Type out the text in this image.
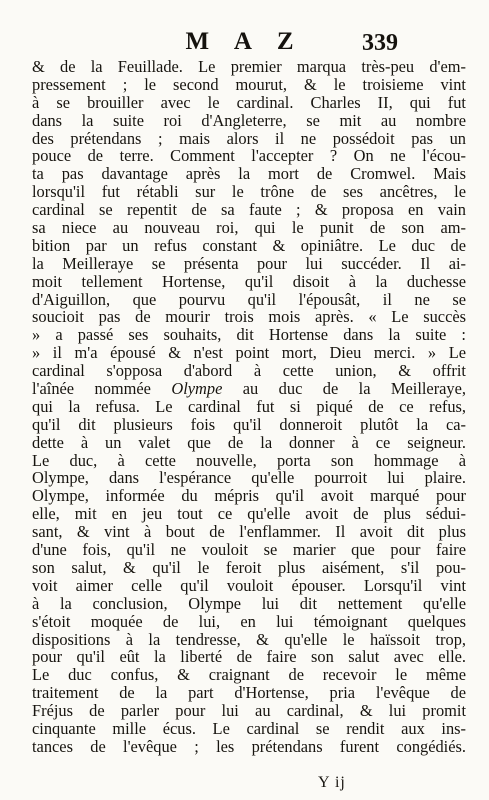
M A Z	339
& de la Feuillade. Le premier marqua très-peu d'em-
pressement ; le second mourut, & le troisieme vint
à se brouiller avec le cardinal. Charles II, qui fut
dans la suite roi d'Angleterre, se mit au nombre
des prétendans ; mais alors il ne possédoit pas un
pouce de terre. Comment l'accepter ? On ne l'écou-
ta pas davantage après la mort de Cromwel. Mais
lorsqu'il fut rétabli sur le trône de ses ancêtres, le
cardinal se repentit de sa faute ; & proposa en vain
sa niece au nouveau roi, qui le punit de son am-
bition par un refus constant & opiniâtre. Le duc de
la Meilleraye se présenta pour lui succéder. Il ai-
moit tellement Hortense, qu'il disoit à la duchesse
d'Aiguillon, que pourvu qu'il l'épousât, il ne se
soucioit pas de mourir trois mois après. « Le succès
» a passé ses souhaits, dit Hortense dans la suite :
» il m'a épousé & n'est point mort, Dieu merci. » Le
cardinal s'opposa d'abord à cette union, & offrit
l'aînée nommée Olympe au duc de la Meilleraye,
qui la refusa. Le cardinal fut si piqué de ce refus,
qu'il dit plusieurs fois qu'il donneroit plutôt la ca-
dette à un valet que de la donner à ce seigneur.
Le duc, à cette nouvelle, porta son hommage à
Olympe, dans l'espérance qu'elle pourroit lui plaire.
Olympe, informée du mépris qu'il avoit marqué pour
elle, mit en jeu tout ce qu'elle avoit de plus sédui-
sant, & vint à bout de l'enflammer. Il avoit dit plus
d'une fois, qu'il ne vouloit se marier que pour faire
son salut, & qu'il le feroit plus aisément, s'il pou-
voit aimer celle qu'il vouloit épouser. Lorsqu'il vint
à la conclusion, Olympe lui dit nettement qu'elle
s'étoit moquée de lui, en lui témoignant quelques
dispositions à la tendresse, & qu'elle le haïssoit trop,
pour qu'il eût la liberté de faire son salut avec elle.
Le duc confus, & craignant de recevoir le même
traitement de la part d'Hortense, pria l'evêque de
Fréjus de parler pour lui au cardinal, & lui promit
cinquante mille écus. Le cardinal se rendit aux ins-
tances de l'evêque ; les prétendans furent congédiés.
Y ij
